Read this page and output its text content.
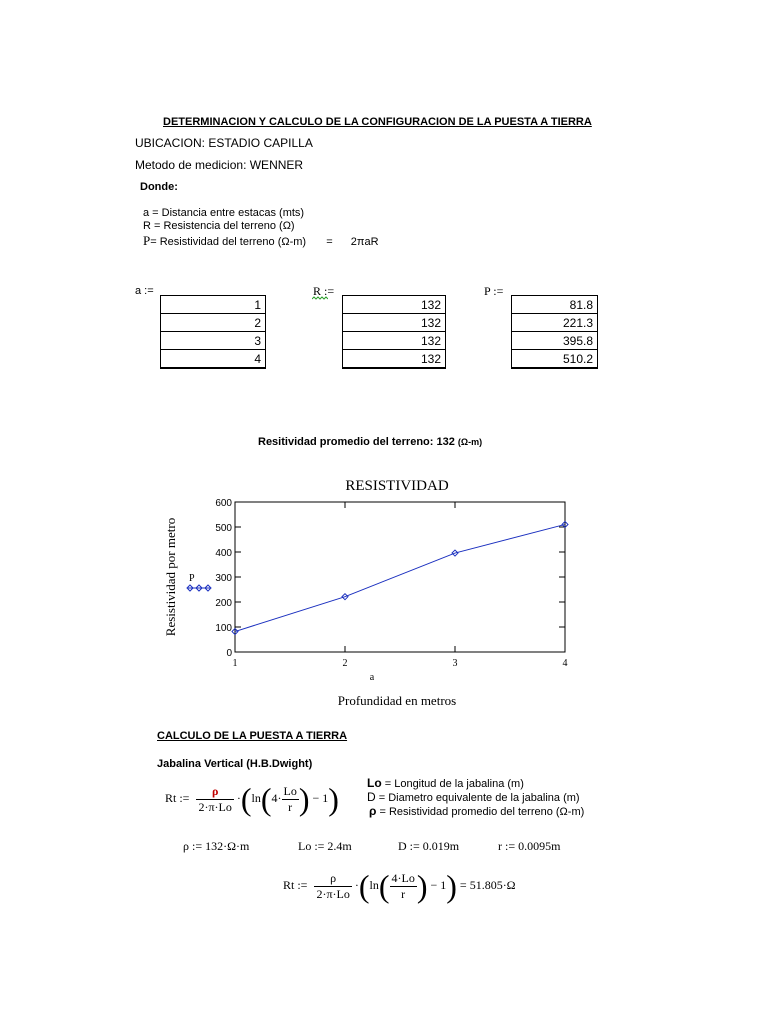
DETERMINACION Y CALCULO DE LA CONFIGURACION DE LA PUESTA A TIERRA
UBICACION: ESTADIO CAPILLA
Metodo de medicion: WENNER
Donde:
a = Distancia entre estacas (mts)
R = Resistencia del terreno (Ω)
P= Resistividad del terreno (Ω-m) = 2πaR
a :=
1
2
3
4
R :=
132
132
132
132
P :=
81.8
221.3
395.8
510.2
Resitividad promedio del terreno: 132 (Ω-m)
RESISTIVIDAD
0
100
200
300
400
500
600
1	2	3	4
Resistividad por metro
a
Profundidad en metros
P
CALCULO DE LA PUESTA A TIERRA
Jabalina Vertical (H.B.Dwight)
Lo = Longitud de la jabalina (m)
D = Diametro equivalente de la jabalina (m)
ρ = Resistividad promedio del terreno (Ω-m)
Rt := $\frac{\rho}{2\cdot\pi\cdot Lo} \cdot(\ln(4\cdot \frac{Lo}{r}$ ) − 1)
ρ := 132·Ω·m	Lo := 2.4m	D := 0.019m	r := 0.0095m
Rt := $\frac{\rho}{2\cdot\pi\cdot Lo} \cdot(\ln( \frac{4\cdot Lo}{r}$ ) − 1) = 51.805·Ω
